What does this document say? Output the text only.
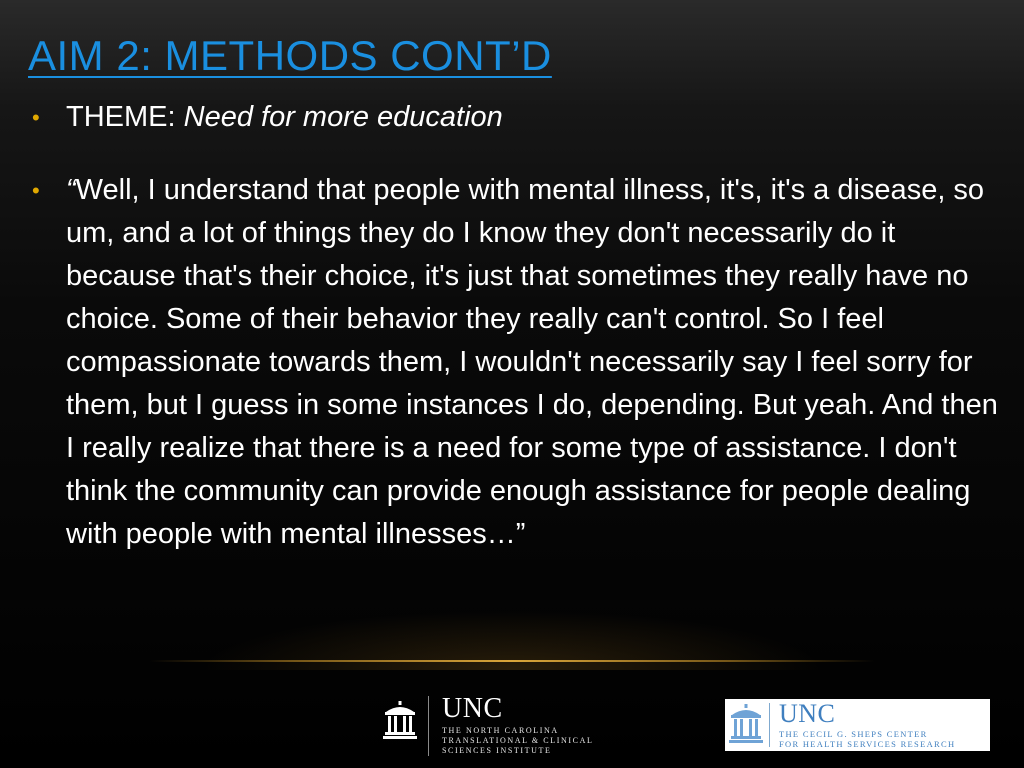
AIM 2: METHODS CONT’D
• THEME: Need for more education
• “Well, I understand that people with mental illness, it's, it's a disease, so um, and a lot of things they do I know they don't necessarily do it because that's their choice, it's just that sometimes they really have no choice. Some of their behavior they really can't control. So I feel compassionate towards them, I wouldn't necessarily say I feel sorry for them, but I guess in some instances I do, depending. But yeah. And then I really realize that there is a need for some type of assistance. I don't think the community can provide enough assistance for people dealing with people with mental illnesses…”
UNC
THE NORTH CAROLINA
TRANSLATIONAL & CLINICAL
SCIENCES INSTITUTE
UNC
THE CECIL G. SHEPS CENTER
FOR HEALTH SERVICES RESEARCH
